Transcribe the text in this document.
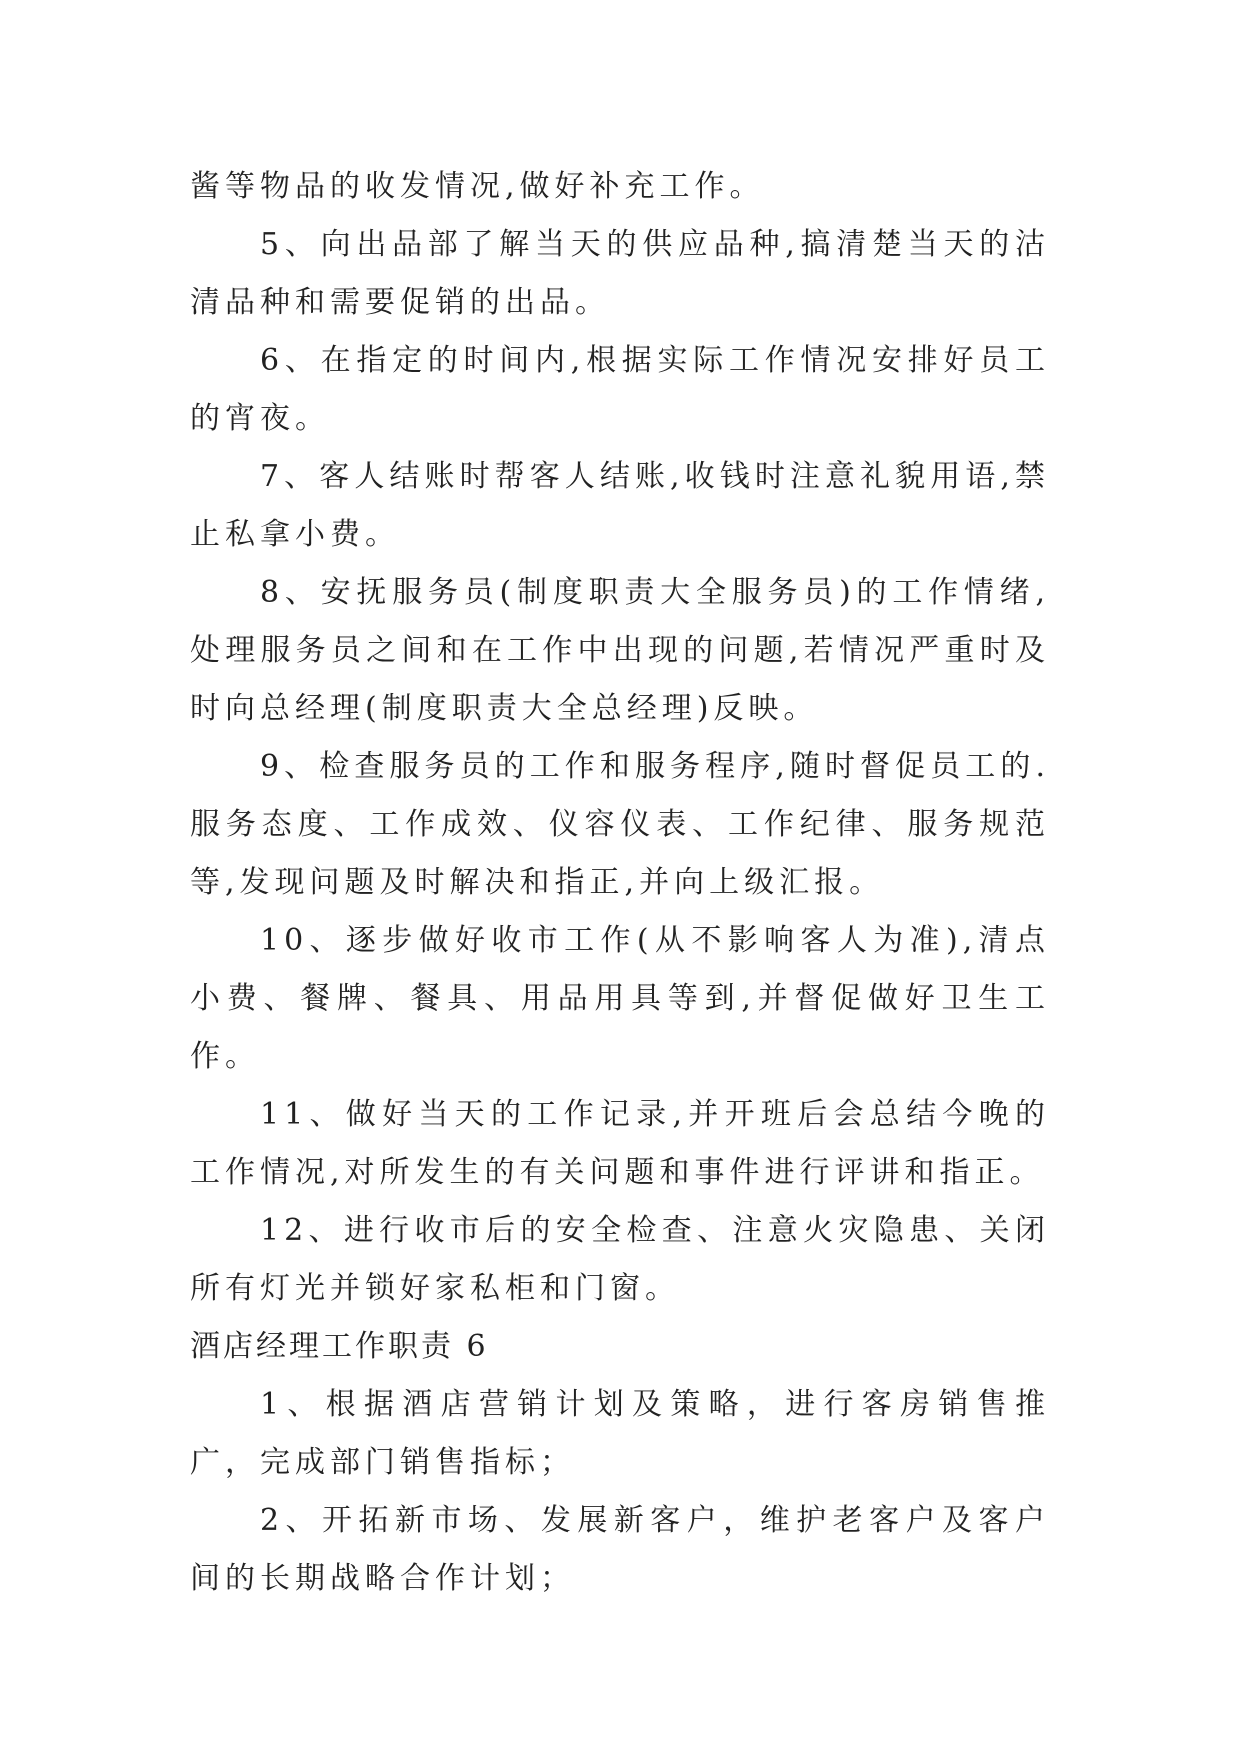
酱等物品的收发情况,做好补充工作。

5、向出品部了解当天的供应品种,搞清楚当天的沽清品种和需要促销的出品。

6、在指定的时间内,根据实际工作情况安排好员工的宵夜。

7、客人结账时帮客人结账,收钱时注意礼貌用语,禁止私拿小费。

8、安抚服务员(制度职责大全服务员)的工作情绪,处理服务员之间和在工作中出现的问题,若情况严重时及时向总经理(制度职责大全总经理)反映。

9、检查服务员的工作和服务程序,随时督促员工的.服务态度、工作成效、仪容仪表、工作纪律、服务规范等,发现问题及时解决和指正,并向上级汇报。

10、逐步做好收市工作(从不影响客人为准),清点小费、餐牌、餐具、用品用具等到,并督促做好卫生工作。

11、做好当天的工作记录,并开班后会总结今晚的工作情况,对所发生的有关问题和事件进行评讲和指正。

12、进行收市后的安全检查、注意火灾隐患、关闭所有灯光并锁好家私柜和门窗。

酒店经理工作职责 6

1、根据酒店营销计划及策略，进行客房销售推广，完成部门销售指标；

2、开拓新市场、发展新客户，维护老客户及客户间的长期战略合作计划；
